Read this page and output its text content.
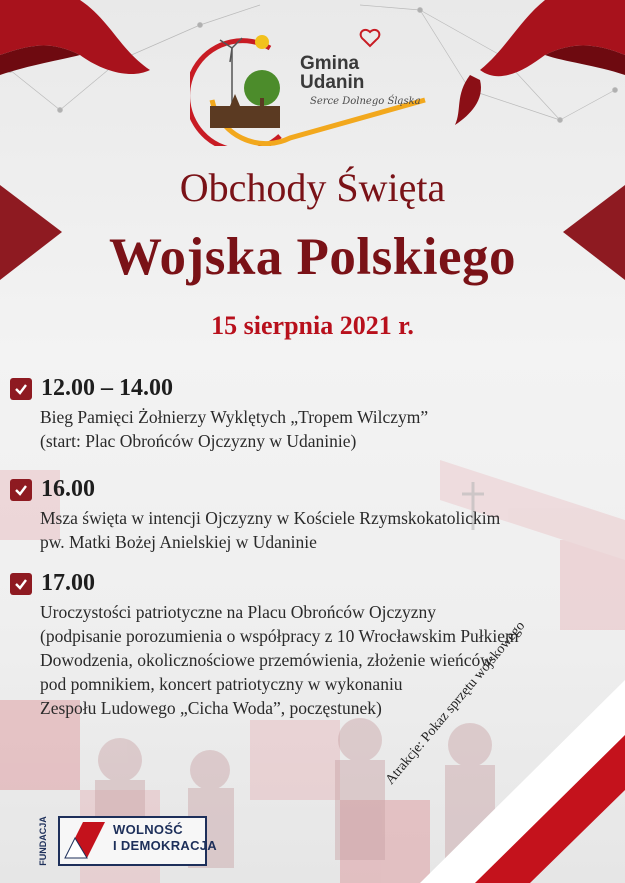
Gmina
Udanin
Serce Dolnego Śląska
Obchody Święta
Wojska Polskiego
15 sierpnia 2021 r.
12.00 – 14.00
Bieg Pamięci Żołnierzy Wyklętych „Tropem Wilczym”
(start: Plac Obrońców Ojczyzny w Udaninie)
16.00
Msza święta w intencji Ojczyzny w Kościele Rzymskokatolickim
pw. Matki Bożej Anielskiej w Udaninie
17.00
Uroczystości patriotyczne na Placu Obrońców Ojczyzny
(podpisanie porozumienia o współpracy z 10 Wrocławskim Pułkiem
Dowodzenia, okolicznościowe przemówienia, złożenie wieńców
pod pomnikiem, koncert patriotyczny w wykonaniu
Zespołu Ludowego „Cicha Woda”, poczęstunek) Atrakcje: Pokaz sprzętu wojskowego
FUNDACJA	WOLNOŚĆ
I DEMOKRACJA
